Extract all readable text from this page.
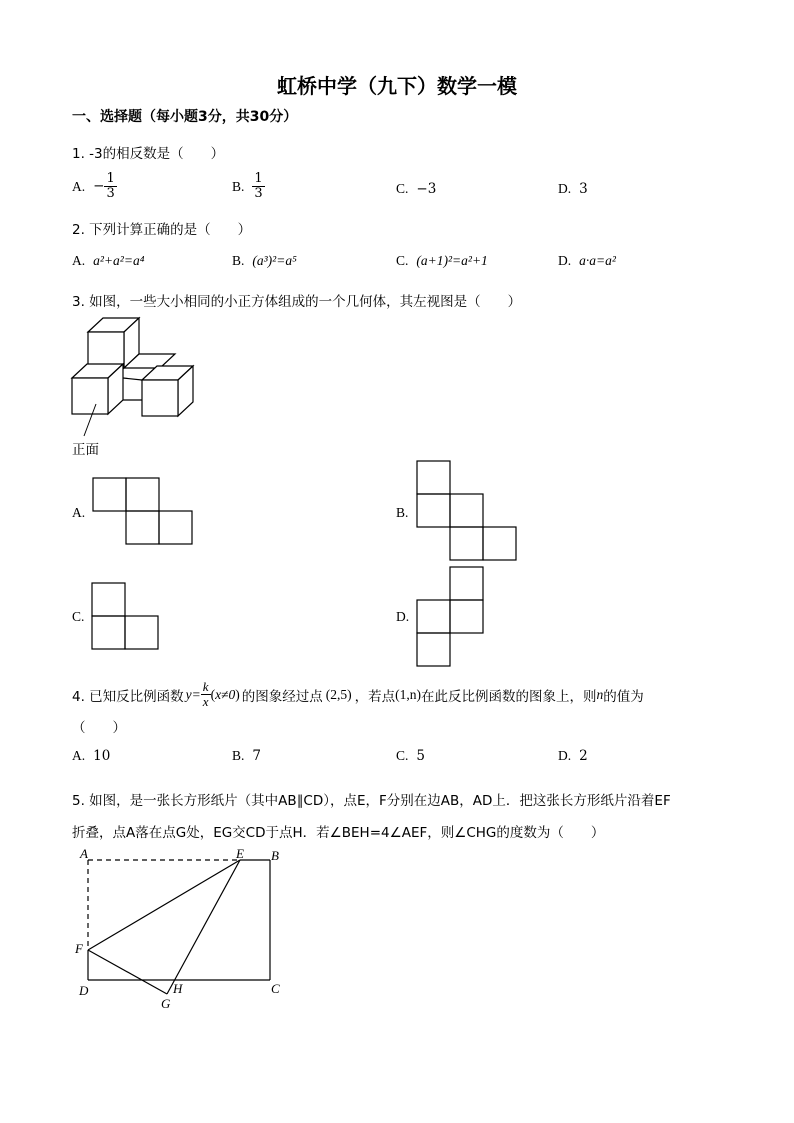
虹桥中学（九下）数学一模
一、选择题（每小题3分，共30分）
1. -3的相反数是（　　）
A. − $\frac{1}{3}$	B. $\frac{1}{3}$	C. −3	D. 3
2. 下列计算正确的是（　　）
A. a²+a²=a⁴	B. (a³)²=a⁵	C. (a+1)²=a²+1	D. a·a=a²
3. 如图，一些大小相同的小正方体组成的一个几何体，其左视图是（　　）
正面
A.	B.
C.	D.
4. 已知反比例函数 $y= \frac{k}{x}$ ( x≠0 ) 的图象经过点 (2,5) ，若点 (1,n) 在此反比例函数的图象上，则 n 的值为
（　　）
A. 10	B. 7	C. 5	D. 2
5. 如图，是一张长方形纸片（其中AB∥CD），点E，F分别在边AB，AD上．把这张长方形纸片沿着EF
折叠，点A落在点G处，EG交CD于点H．若∠BEH=4∠AEF，则∠CHG的度数为（　　）
A	E B
F
D	H	C
G
